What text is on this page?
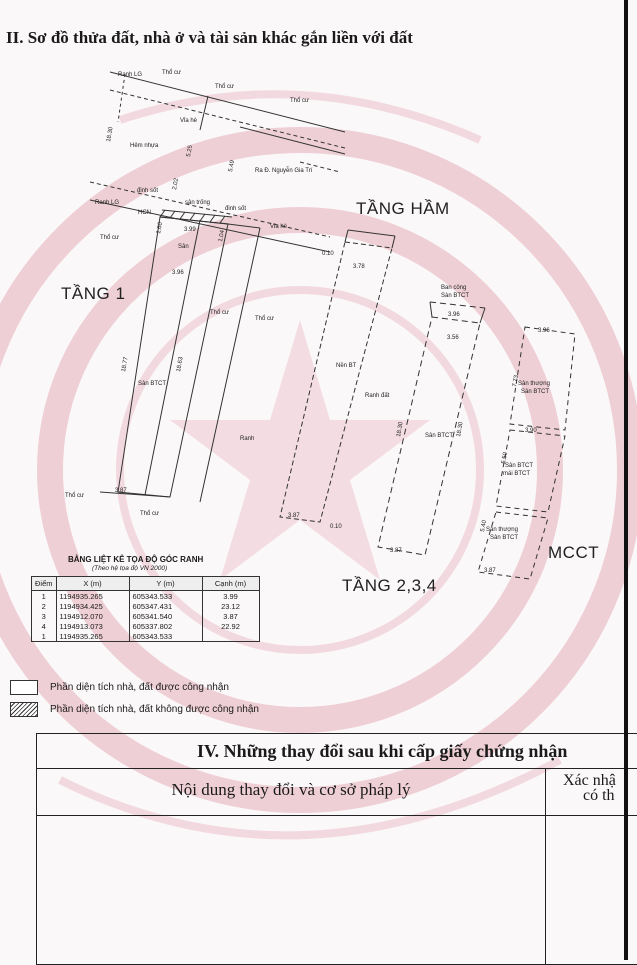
II. Sơ đồ thửa đất, nhà ở và tài sản khác gắn liền với đất
Ranh LG	Thổ cư
Thổ cư
Thổ cư
Vỉa hè
Hẻm nhựa
Ra Đ. Nguyễn Gia Trí
18.30
5.25
5.49
đinh sốt
sân trống
đinh sốt
Ranh LG
HCN
Vỉa hè
Thổ cư
Sân
2.02
1.60	3.99
3.96
1.04
Thổ cư
Thổ cư
18.77	18.63
Sân BTCT
Ranh
Thổ cư
3.87
Thổ cư
0.10
3.78
Nền BT
Ranh đất
3.87
0.10
Ban công
Sàn BTCT
3.96
3.56
18.30	18.30
Sân BTCT
3.87
3.96
Sân thượng
Sân BTCT
7.73
3.90
Sân BTCT
mái BTCT
5.50
5.40
Sân thượng
Sân BTCT
3.87
TẦNG HẦM
TẦNG 1
TẦNG 2,3,4
MCCT
BẢNG LIỆT KÊ TỌA ĐỘ GÓC RANH
(Theo hệ tọa độ VN 2000)
Điểm	X (m)	Y (m)	Cạnh (m)
1	1194935.265	605343.533	3.99
2	1194934.425	605347.431	23.12
3	1194912.070	605341.540	3.87
4	1194913.073	605337.802	22.92
1	1194935.265	605343.533	
Phần diện tích nhà, đất được công nhận
Phần diện tích nhà, đất không được công nhận
IV. Những thay đổi sau khi cấp giấy chứng nhận
Nội dung thay đổi và cơ sở pháp lý	Xác nhậ
có th
